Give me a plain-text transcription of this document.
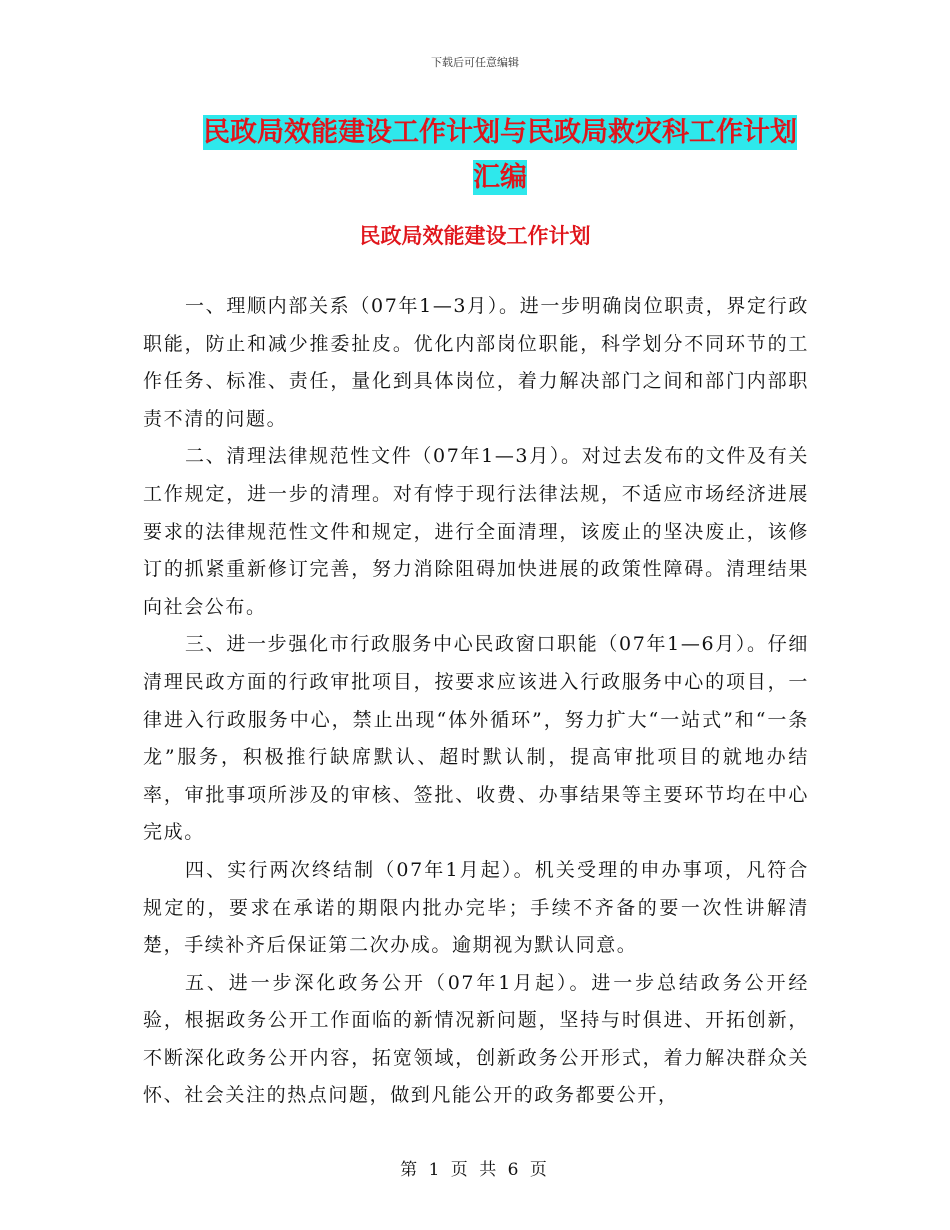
下载后可任意编辑
民政局效能建设工作计划与民政局救灾科工作计划汇编
民政局效能建设工作计划

一、理顺内部关系（07年1—3月）。进一步明确岗位职责，界定行政职能，防止和减少推委扯皮。优化内部岗位职能，科学划分不同环节的工作任务、标准、责任，量化到具体岗位，着力解决部门之间和部门内部职责不清的问题。

二、清理法律规范性文件（07年1—3月）。对过去发布的文件及有关工作规定，进一步的清理。对有悖于现行法律法规，不适应市场经济进展要求的法律规范性文件和规定，进行全面清理，该废止的坚决废止，该修订的抓紧重新修订完善，努力消除阻碍加快进展的政策性障碍。清理结果向社会公布。

三、进一步强化市行政服务中心民政窗口职能（07年1—6月）。仔细清理民政方面的行政审批项目，按要求应该进入行政服务中心的项目，一律进入行政服务中心，禁止出现“体外循环”，努力扩大“一站式”和“一条龙”服务，积极推行缺席默认、超时默认制，提高审批项目的就地办结率，审批事项所涉及的审核、签批、收费、办事结果等主要环节均在中心完成。

四、实行两次终结制（07年1月起）。机关受理的申办事项，凡符合规定的，要求在承诺的期限内批办完毕；手续不齐备的要一次性讲解清楚，手续补齐后保证第二次办成。逾期视为默认同意。

五、进一步深化政务公开（07年1月起）。进一步总结政务公开经验，根据政务公开工作面临的新情况新问题，坚持与时俱进、开拓创新，不断深化政务公开内容，拓宽领域，创新政务公开形式，着力解决群众关怀、社会关注的热点问题，做到凡能公开的政务都要公开，

第 1 页 共 6 页
